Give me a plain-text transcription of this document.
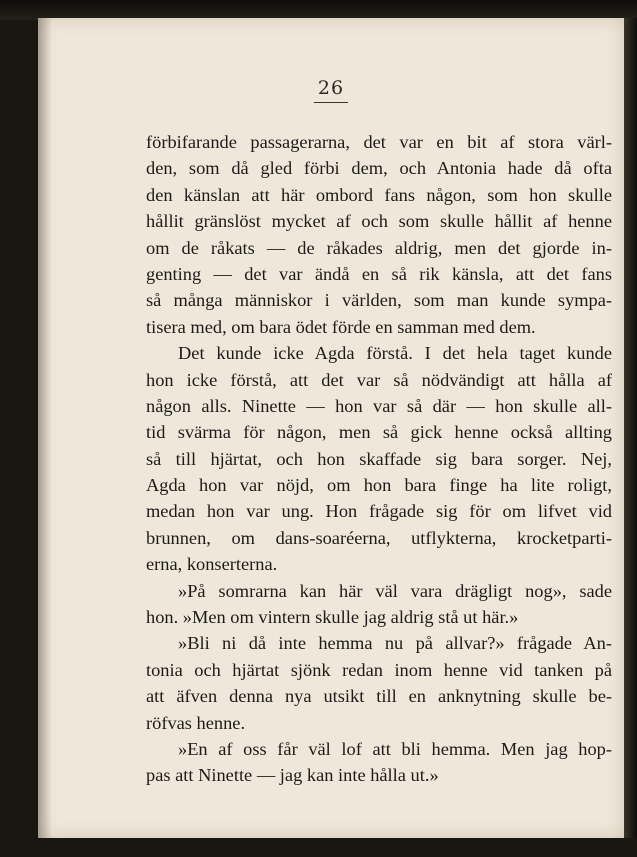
26
förbifarande passagerarna, det var en bit af stora värl-
den, som då gled förbi dem, och Antonia hade då ofta
den känslan att här ombord fans någon, som hon skulle
hållit gränslöst mycket af och som skulle hållit af henne
om de råkats — de råkades aldrig, men det gjorde in-
genting — det var ändå en så rik känsla, att det fans
så många människor i världen, som man kunde sympa-
tisera med, om bara ödet förde en samman med dem.
Det kunde icke Agda förstå. I det hela taget kunde
hon icke förstå, att det var så nödvändigt att hålla af
någon alls. Ninette — hon var så där — hon skulle all-
tid svärma för någon, men så gick henne också allting
så till hjärtat, och hon skaffade sig bara sorger. Nej,
Agda hon var nöjd, om hon bara finge ha lite roligt,
medan hon var ung. Hon frågade sig för om lifvet vid
brunnen, om dans-soaréerna, utflykterna, krocketparti-
erna, konserterna.
»På somrarna kan här väl vara drägligt nog», sade
hon. »Men om vintern skulle jag aldrig stå ut här.»
»Bli ni då inte hemma nu på allvar?» frågade An-
tonia och hjärtat sjönk redan inom henne vid tanken på
att äfven denna nya utsikt till en anknytning skulle be-
röfvas henne.
»En af oss får väl lof att bli hemma. Men jag hop-
pas att Ninette — jag kan inte hålla ut.»
